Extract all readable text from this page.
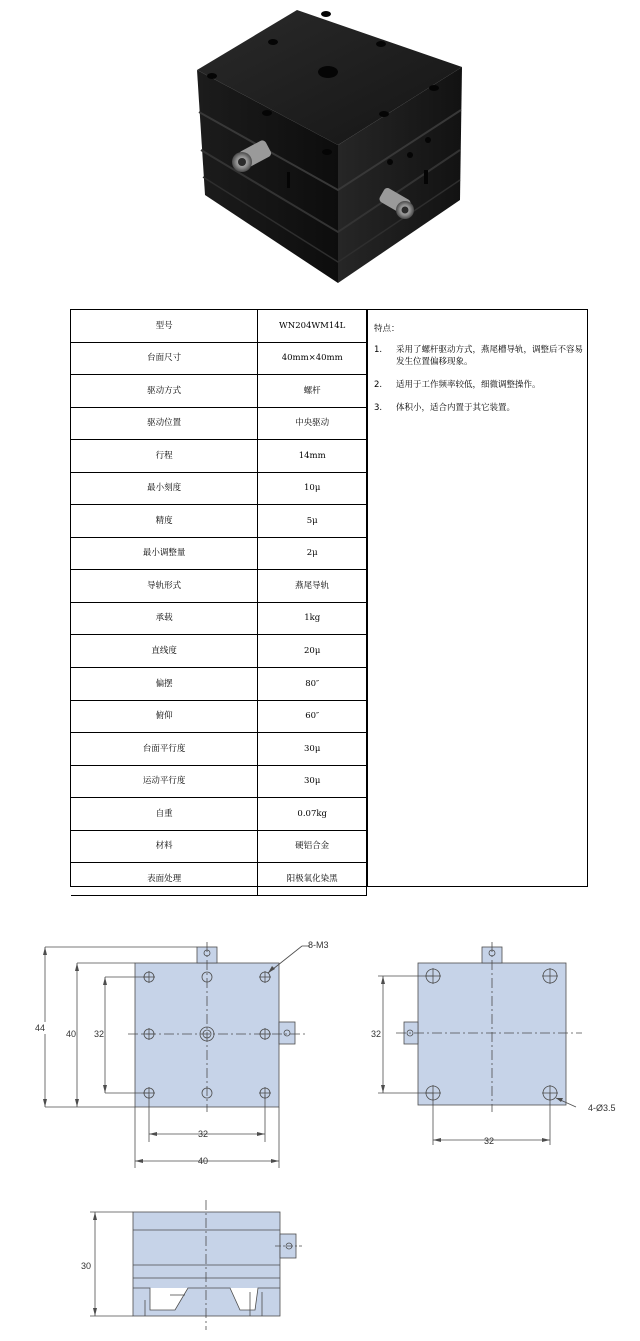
型号	WN204WM14L
台面尺寸	40mm×40mm
驱动方式	螺杆
驱动位置	中央驱动
行程	14mm
最小刻度	10μ
精度	5μ
最小调整量	2μ
导轨形式	燕尾导轨
承载	1kg
直线度	20μ
偏摆	80″
俯仰	60″
台面平行度	30μ
运动平行度	30μ
自重	0.07kg
材料	硬铝合金
表面处理	阳极氧化染黑
特点：
1.	采用了螺杆驱动方式，燕尾槽导轨，调整后不容易发生位置偏移现象。
2.	适用于工作频率较低，细微调整操作。
3.	体积小，适合内置于其它装置。
44
40 32
32
40
8-M3
32
32
4-Ø3.5
30
